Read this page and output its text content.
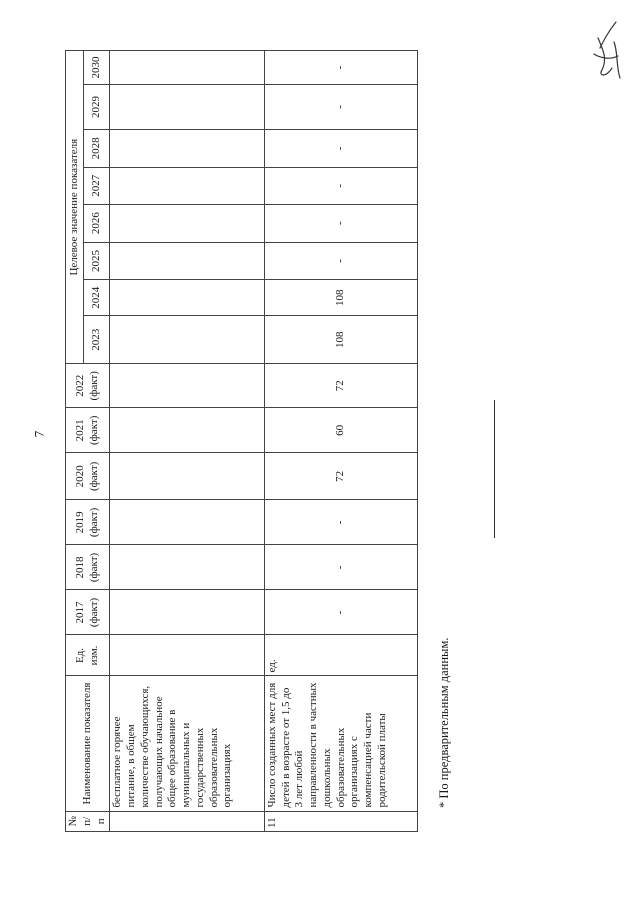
7
№ п/п	Наименование показателя	Ед. изм.	2017 (факт)	2018 (факт)	2019 (факт)	2020 (факт)	2021 (факт)	2022 (факт)	Целевое значение показателя							
									2023	2024	2025	2026	2027	2028	2029	2030
	бесплатное горячее питание, в общем количестве обучающихся, получающих начальное общее образование в муниципальных и государственных образовательных организациях															
11	Число созданных мест для детей в возрасте от 1,5 до 3 лет любой направленности в частных дошкольных образовательных организациях с компенсацией части родительской платы	ед.	-	-	-	72	60	72	108	108	-	-	-	-	-	-
* По предварительным данным.
